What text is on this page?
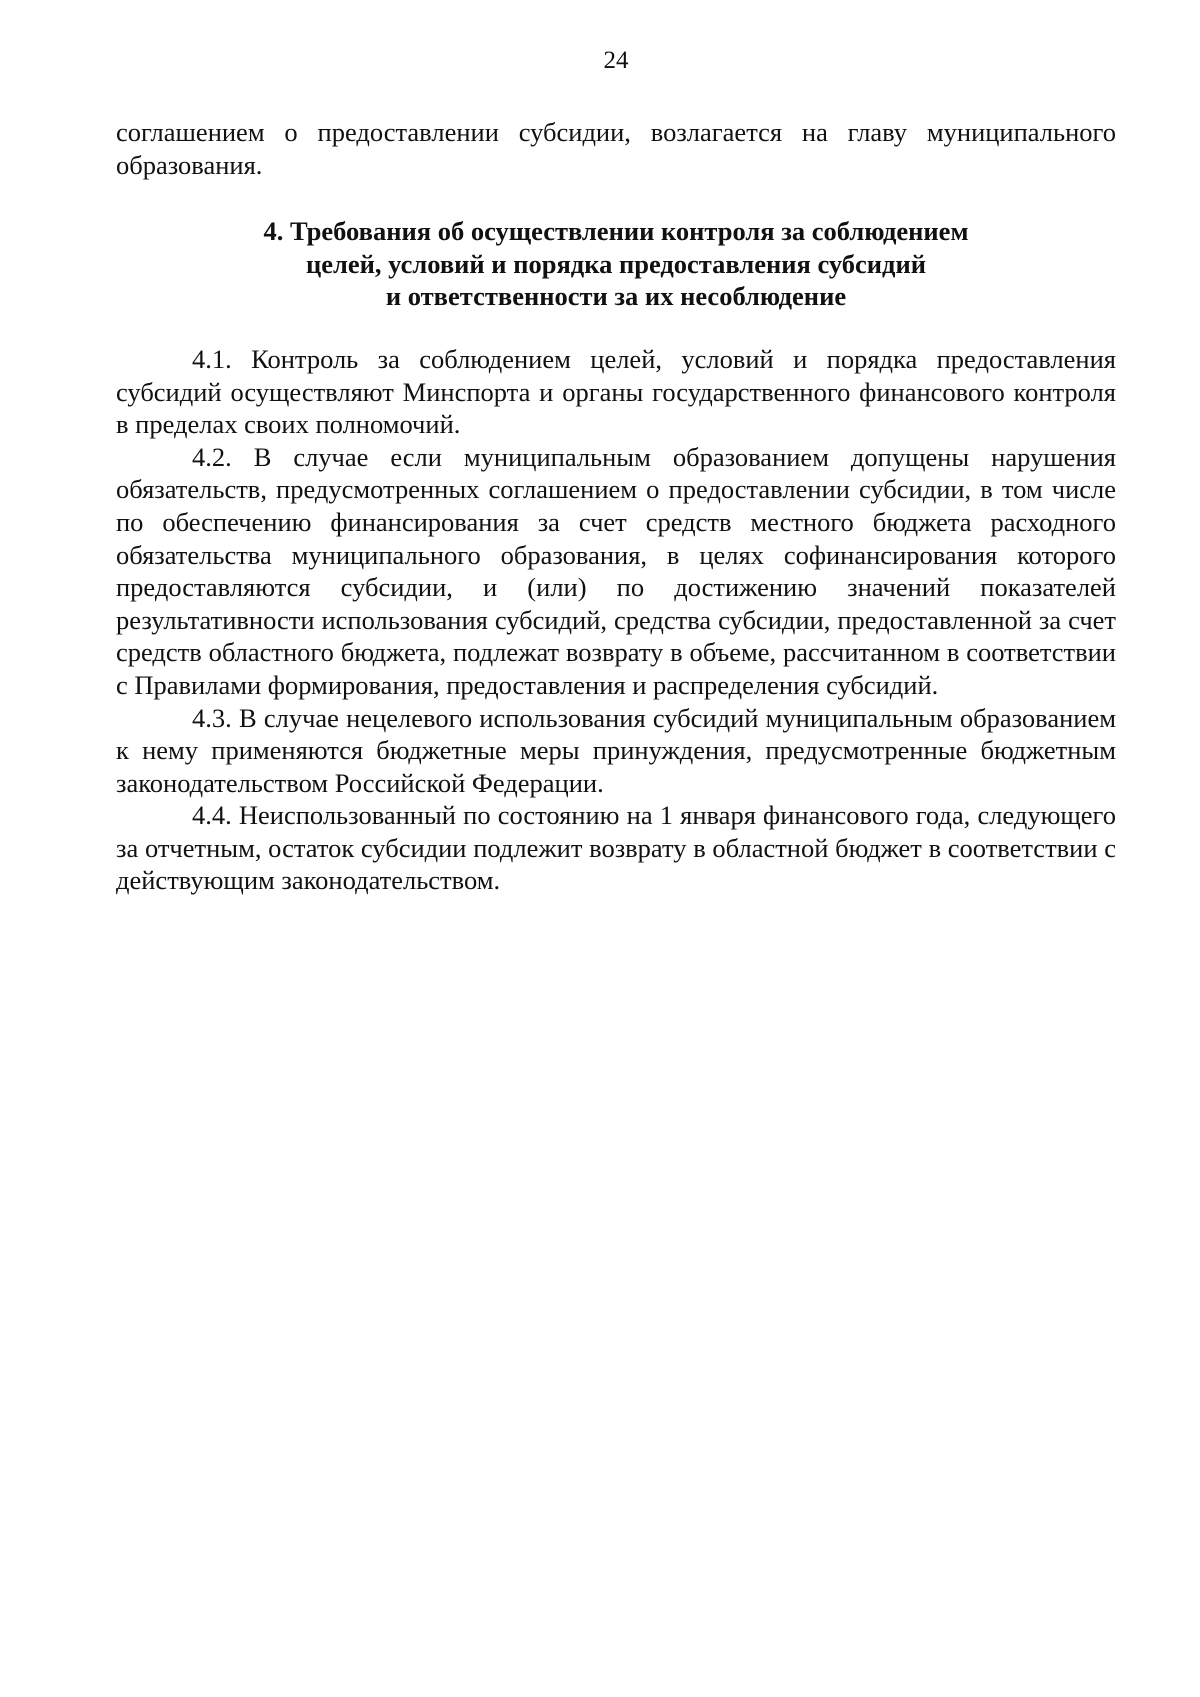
24

соглашением о предоставлении субсидии, возлагается на главу муниципального образования.

4. Требования об осуществлении контроля за соблюдением
целей, условий и порядка предоставления субсидий
и ответственности за их несоблюдение

4.1. Контроль за соблюдением целей, условий и порядка предоставления субсидий осуществляют Минспорта и органы государственного финансового контроля в пределах своих полномочий.

4.2. В случае если муниципальным образованием допущены нарушения обязательств, предусмотренных соглашением о предоставлении субсидии, в том числе по обеспечению финансирования за счет средств местного бюджета расходного обязательства муниципального образования, в целях софинансирования которого предоставляются субсидии, и (или) по достижению значений показателей результативности использования субсидий, средства субсидии, предоставленной за счет средств областного бюджета, подлежат возврату в объеме, рассчитанном в соответствии с Правилами формирования, предоставления и распределения субсидий.

4.3. В случае нецелевого использования субсидий муниципальным образованием к нему применяются бюджетные меры принуждения, предусмотренные бюджетным законодательством Российской Федерации.

4.4. Неиспользованный по состоянию на 1 января финансового года, следующего за отчетным, остаток субсидии подлежит возврату в областной бюджет в соответствии с действующим законодательством.
